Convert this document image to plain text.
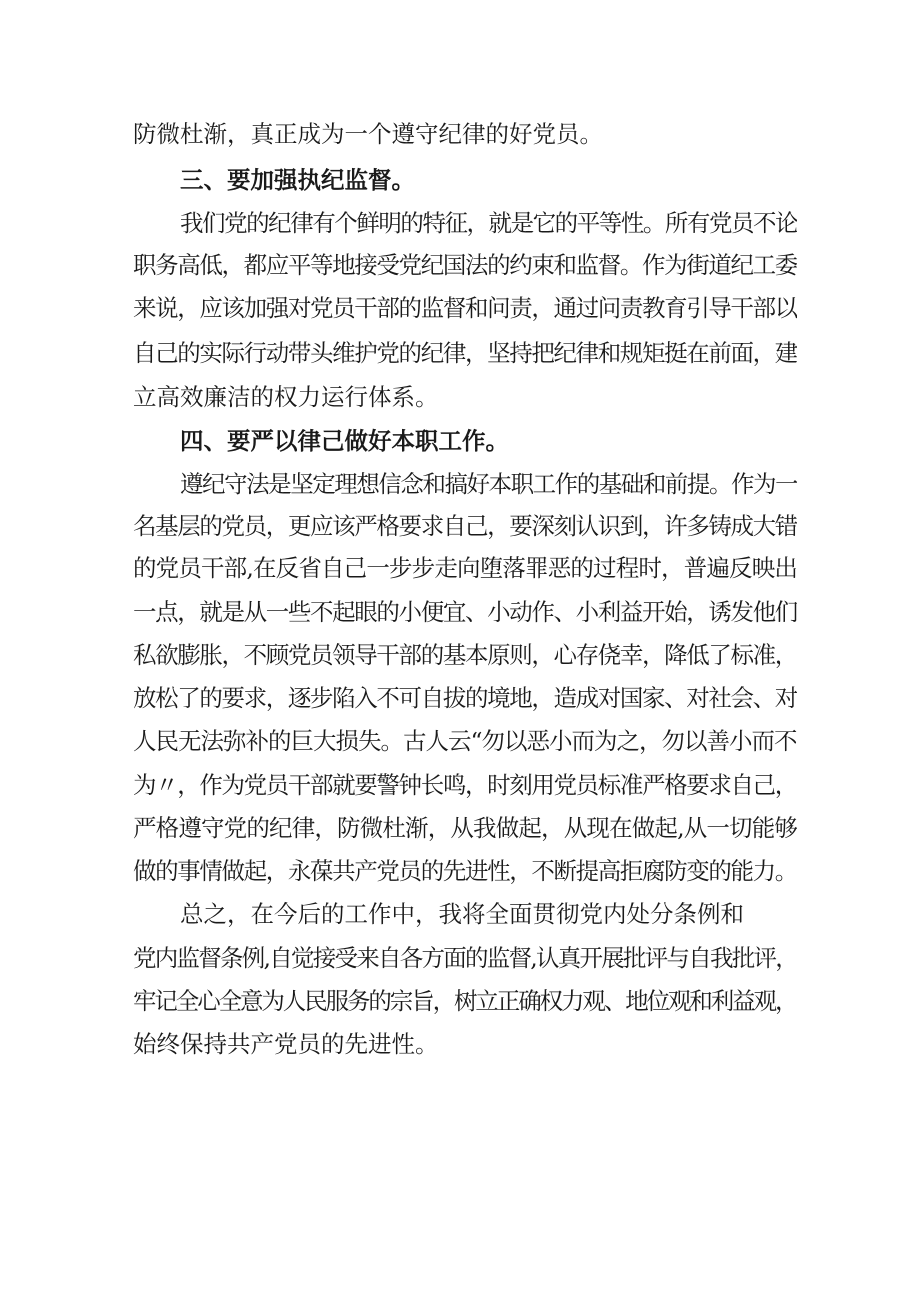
防微杜渐，真正成为一个遵守纪律的好党员。
三、要加强执纪监督。
我们党的纪律有个鲜明的特征，就是它的平等性。所有党员不论
职务高低，都应平等地接受党纪国法的约束和监督。作为街道纪工委
来说，应该加强对党员干部的监督和问责，通过问责教育引导干部以
自己的实际行动带头维护党的纪律，坚持把纪律和规矩挺在前面，建
立高效廉洁的权力运行体系。
四、要严以律己做好本职工作。
遵纪守法是坚定理想信念和搞好本职工作的基础和前提。作为一
名基层的党员，更应该严格要求自己，要深刻认识到，许多铸成大错
的党员干部,在反省自己一步步走向堕落罪恶的过程时，普遍反映出
一点，就是从一些不起眼的小便宜、小动作、小利益开始，诱发他们
私欲膨胀，不顾党员领导干部的基本原则，心存侥幸，降低了标准，
放松了的要求，逐步陷入不可自拔的境地，造成对国家、对社会、对
人民无法弥补的巨大损失。古人云“勿以恶小而为之，勿以善小而不
为〃，作为党员干部就要警钟长鸣，时刻用党员标准严格要求自己，
严格遵守党的纪律，防微杜渐，从我做起，从现在做起,从一切能够
做的事情做起，永葆共产党员的先进性，不断提高拒腐防变的能力。
总之，在今后的工作中，我将全面贯彻党内处分条例和
党内监督条例,自觉接受来自各方面的监督,认真开展批评与自我批评，
牢记全心全意为人民服务的宗旨，树立正确权力观、地位观和利益观，
始终保持共产党员的先进性。
